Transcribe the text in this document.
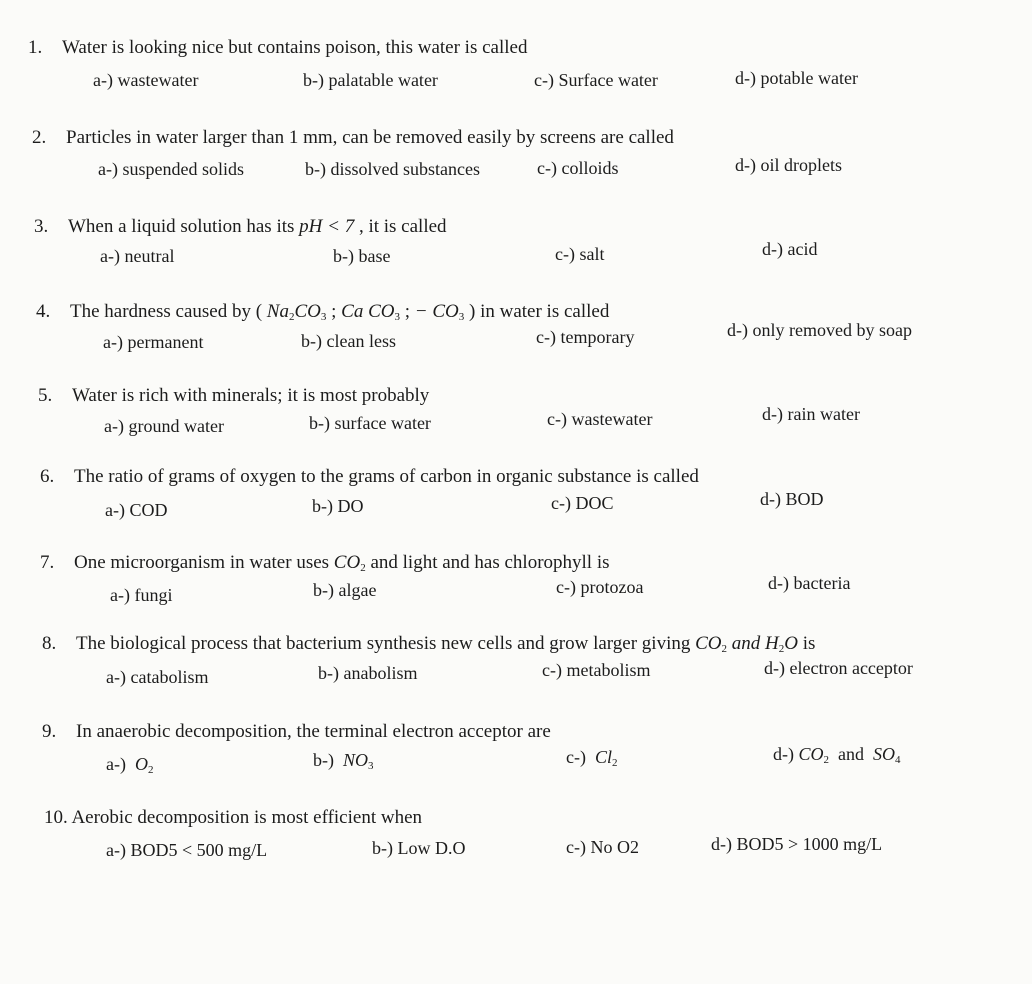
1. Water is looking nice but contains poison, this water is called
a-) wastewater	b-) palatable water	c-) Surface water	d-) potable water
2. Particles in water larger than 1 mm, can be removed easily by screens are called
a-) suspended solids	b-) dissolved substances	c-) colloids	d-) oil droplets
3. When a liquid solution has its pH < 7 , it is called
a-) neutral	b-) base	c-) salt	d-) acid
4. The hardness caused by ( $Na_2CO_3$ ; Ca $CO_3$ ; − $CO_3$ ) in water is called
a-) permanent	b-) clean less	c-) temporary	d-) only removed by soap
5. Water is rich with minerals; it is most probably
a-) ground water	b-) surface water	c-) wastewater	d-) rain water
6. The ratio of grams of oxygen to the grams of carbon in organic substance is called
a-) COD	b-) DO	c-) DOC	d-) BOD
7. One microorganism in water uses $CO_2$ and light and has chlorophyll is
a-) fungi	b-) algae	c-) protozoa	d-) bacteria
8. The biological process that bacterium synthesis new cells and grow larger giving $CO_2$ and $H_2O$ is
a-) catabolism	b-) anabolism	c-) metabolism	d-) electron acceptor
9. In anaerobic decomposition, the terminal electron acceptor are
a-) $O_2$	b-) $NO_3$	c-) $Cl_2$	d-) $CO_2$ and $SO_4$
10. Aerobic decomposition is most efficient when
a-) BOD5 < 500 mg/L	b-) Low D.O	c-) No O2	d-) BOD5 > 1000 mg/L
